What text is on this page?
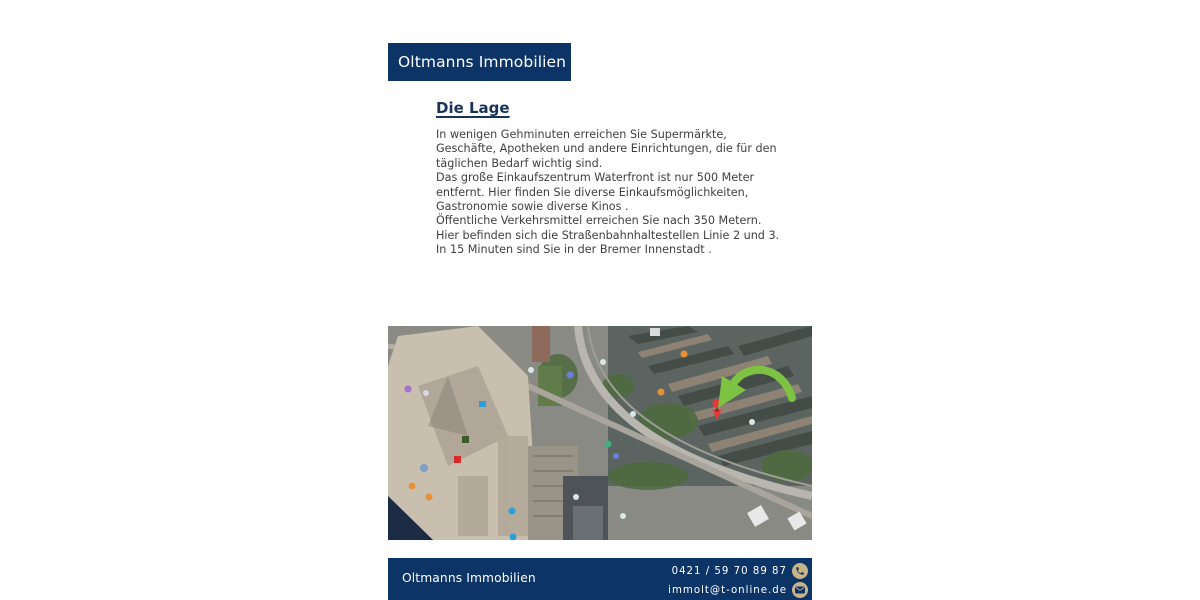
Oltmanns Immobilien
Die Lage
In wenigen Gehminuten erreichen Sie Supermärkte,
Geschäfte, Apotheken und andere Einrichtungen, die für den
täglichen Bedarf wichtig sind.
Das große Einkaufszentrum Waterfront ist nur 500 Meter
entfernt. Hier finden Sie diverse Einkaufsmöglichkeiten,
Gastronomie sowie diverse Kinos .
Öffentliche Verkehrsmittel erreichen Sie nach 350 Metern.
Hier befinden sich die Straßenbahnhaltestellen Linie 2 und 3.
In 15 Minuten sind Sie in der Bremer Innenstadt .
Oltmanns Immobilien	0421 / 59 70 89 87
immolt@t-online.de
